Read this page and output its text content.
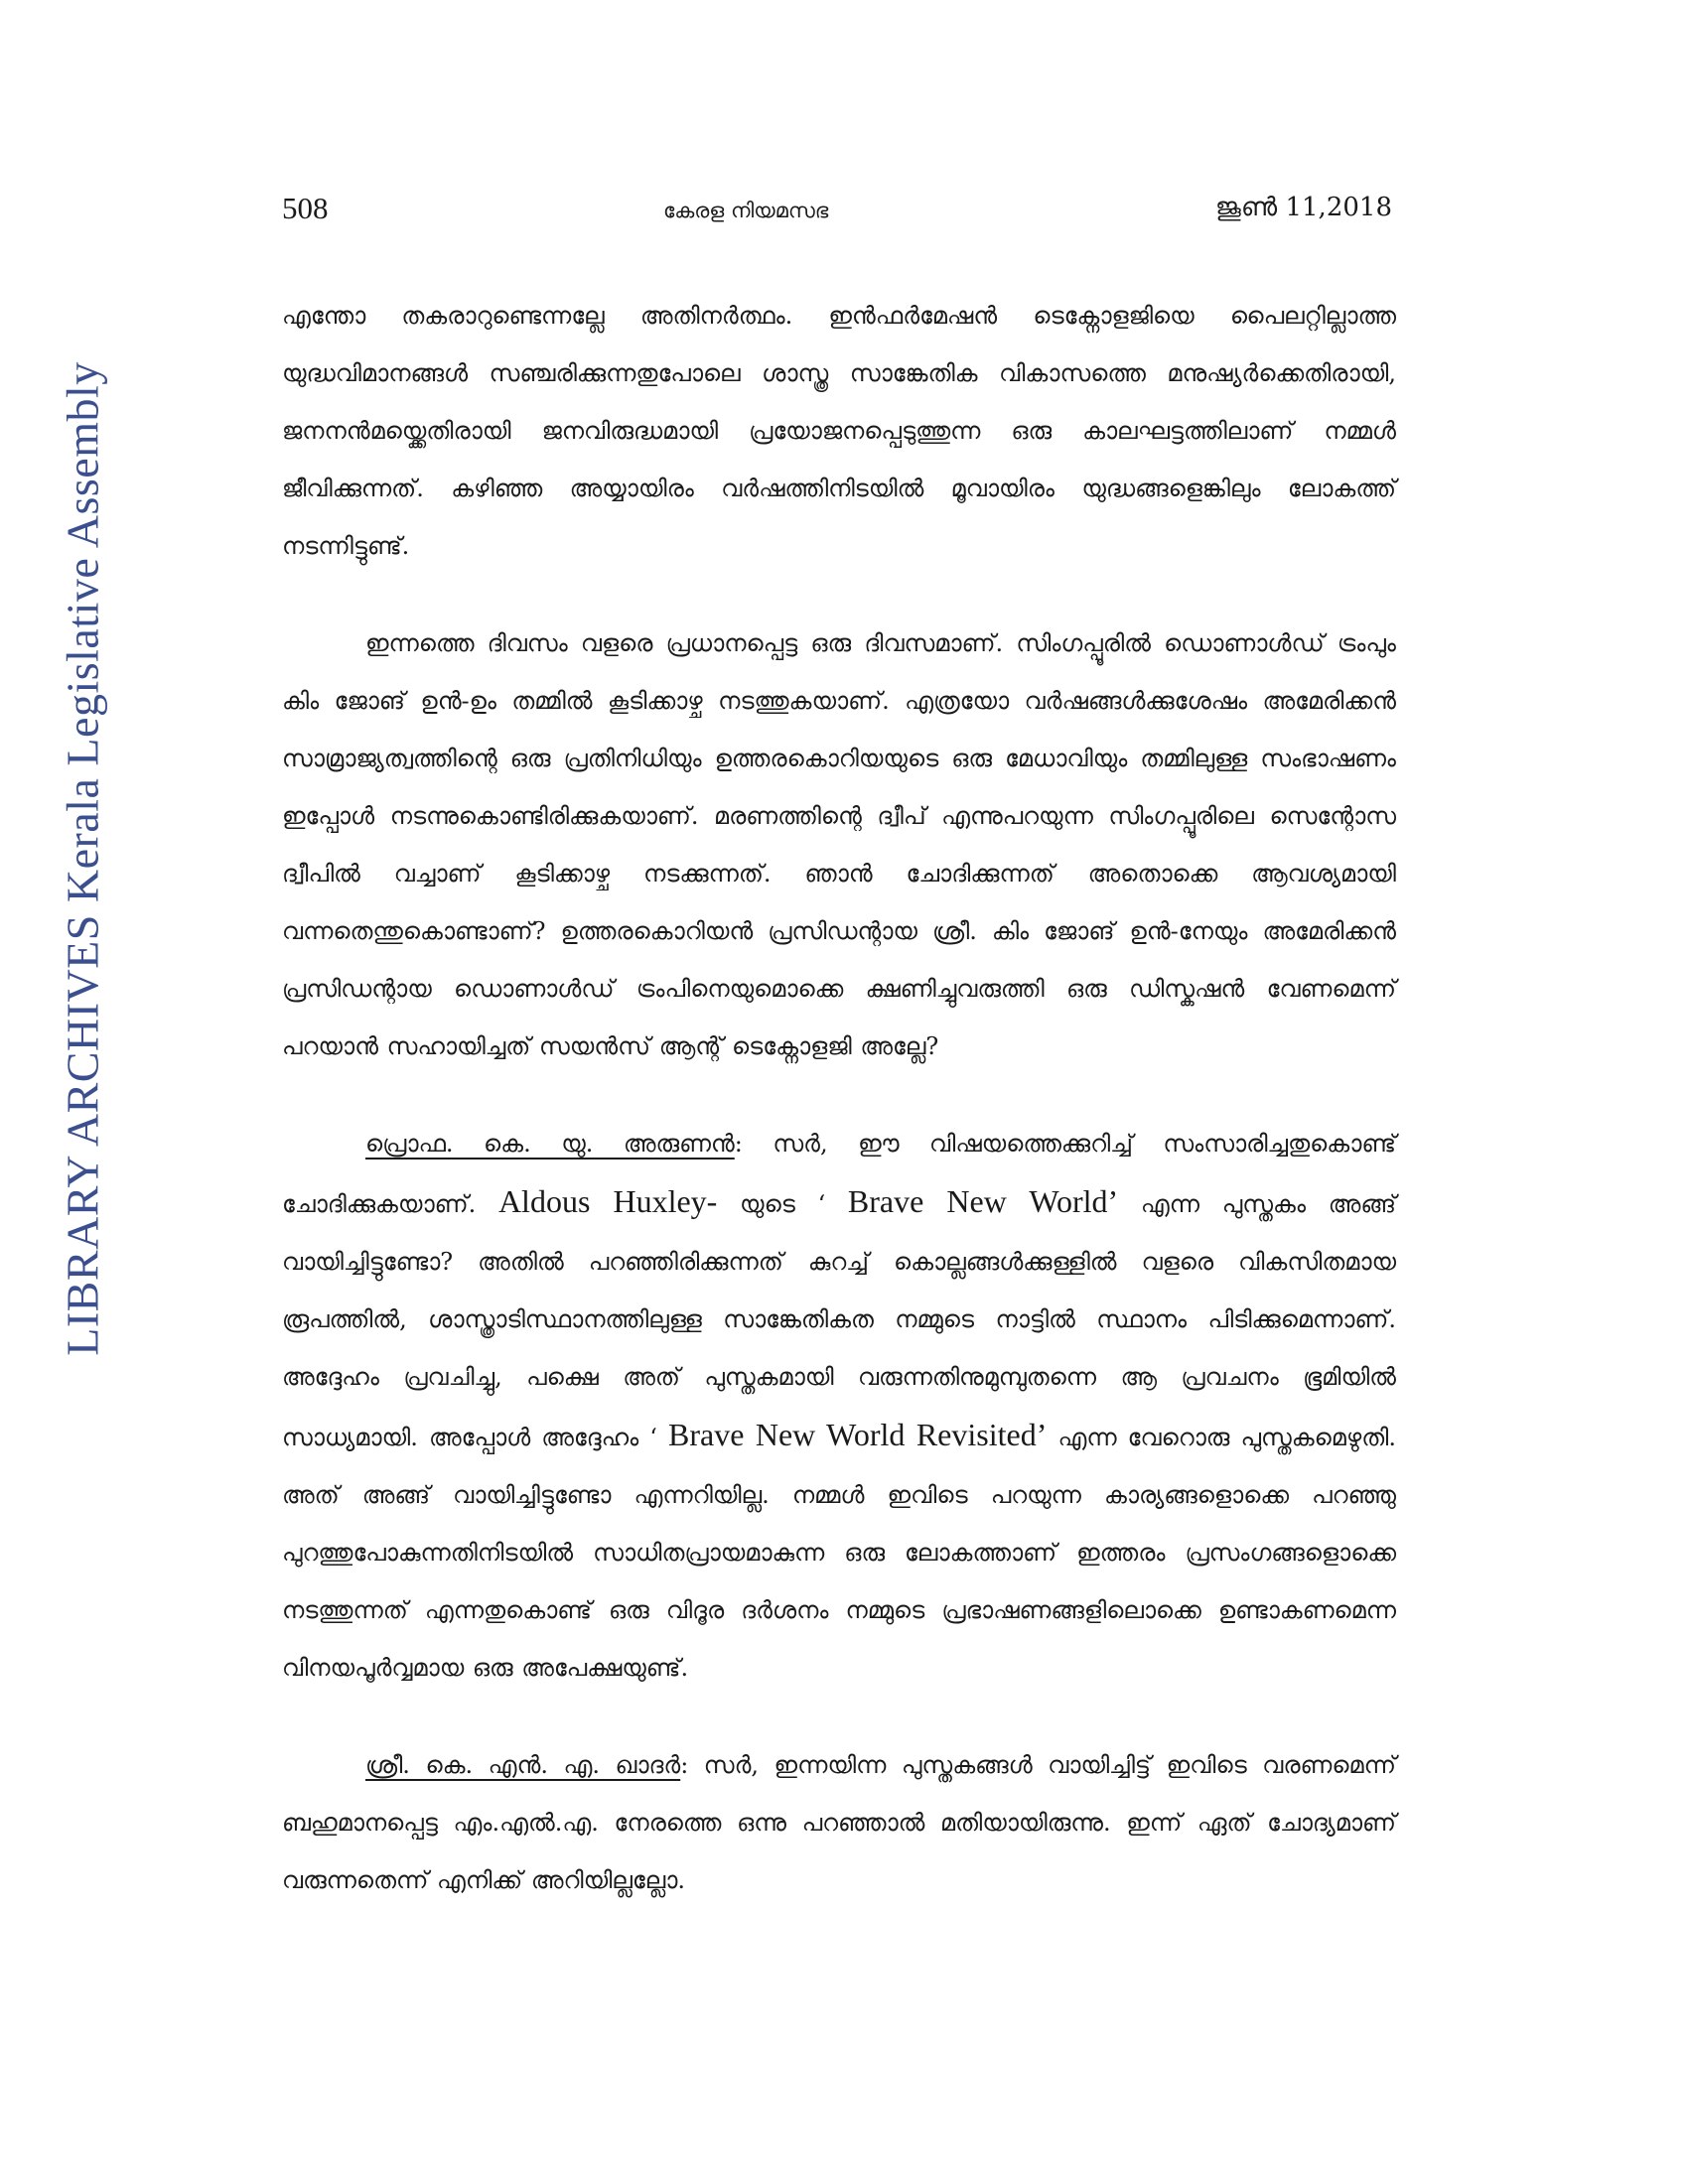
LIBRARY ARCHIVES Kerala Legislative Assembly
508	കേരള നിയമസഭ	ജൂൺ 11,2018

എന്തോ തകരാറുണ്ടെന്നല്ലേ അതിനർത്ഥം. ഇൻഫർമേഷൻ ടെക്നോളജിയെ പൈലറ്റില്ലാത്ത യുദ്ധവിമാനങ്ങൾ സഞ്ചരിക്കുന്നതുപോലെ ശാസ്ത്ര സാങ്കേതിക വികാസത്തെ മനുഷ്യർക്കെതിരായി, ജനനൻമയ്ക്കെതിരായി ജനവിരുദ്ധമായി പ്രയോജനപ്പെടുത്തുന്ന ഒരു കാലഘട്ടത്തിലാണ് നമ്മൾ ജീവിക്കുന്നത്. കഴിഞ്ഞ അയ്യായിരം വർഷത്തിനിടയിൽ മൂവായിരം യുദ്ധങ്ങളെങ്കിലും ലോകത്ത് നടന്നിട്ടുണ്ട്.

ഇന്നത്തെ ദിവസം വളരെ പ്രധാനപ്പെട്ട ഒരു ദിവസമാണ്. സിംഗപ്പൂരിൽ ഡൊണാൾഡ് ട്രംപും കിം ജോങ് ഉൻ-ഉം തമ്മിൽ കൂടിക്കാഴ്ച നടത്തുകയാണ്. എത്രയോ വർഷങ്ങൾക്കുശേഷം അമേരിക്കൻ സാമ്രാജ്യത്വത്തിന്റെ ഒരു പ്രതിനിധിയും ഉത്തരകൊറിയയുടെ ഒരു മേധാവിയും തമ്മിലുള്ള സംഭാഷണം ഇപ്പോൾ നടന്നുകൊണ്ടിരിക്കുകയാണ്. മരണത്തിന്റെ ദ്വീപ് എന്നുപറയുന്ന സിംഗപ്പൂരിലെ സെന്റോസ ദ്വീപിൽ വച്ചാണ് കൂടിക്കാഴ്ച നടക്കുന്നത്. ഞാൻ ചോദിക്കുന്നത് അതൊക്കെ ആവശ്യമായി വന്നതെന്തുകൊണ്ടാണ്? ഉത്തരകൊറിയൻ പ്രസിഡന്റായ ശ്രീ. കിം ജോങ് ഉൻ-നേയും അമേരിക്കൻ പ്രസിഡന്റായ ഡൊണാൾഡ് ട്രംപിനെയുമൊക്കെ ക്ഷണിച്ചുവരുത്തി ഒരു ഡിസ്കഷൻ വേണമെന്ന് പറയാൻ സഹായിച്ചത് സയൻസ് ആന്റ് ടെക്നോളജി അല്ലേ?

പ്രൊഫ. കെ. യു. അരുണൻ: സർ, ഈ വിഷയത്തെക്കുറിച്ച് സംസാരിച്ചതുകൊണ്ട് ചോദിക്കുകയാണ്. Aldous Huxley- യുടെ ‘ Brave New World’ എന്ന പുസ്തകം അങ്ങ് വായിച്ചിട്ടുണ്ടോ? അതിൽ പറഞ്ഞിരിക്കുന്നത് കുറച്ച് കൊല്ലങ്ങൾക്കുള്ളിൽ വളരെ വികസിതമായ രൂപത്തിൽ, ശാസ്ത്രാടിസ്ഥാനത്തിലുള്ള സാങ്കേതികത നമ്മുടെ നാട്ടിൽ സ്ഥാനം പിടിക്കുമെന്നാണ്. അദ്ദേഹം പ്രവചിച്ചു, പക്ഷെ അത് പുസ്തകമായി വരുന്നതിനുമുമ്പുതന്നെ ആ പ്രവചനം ഭൂമിയിൽ സാധ്യമായി. അപ്പോൾ അദ്ദേഹം ‘ Brave New World Revisited’ എന്ന വേറൊരു പുസ്തകമെഴുതി. അത് അങ്ങ് വായിച്ചിട്ടുണ്ടോ എന്നറിയില്ല. നമ്മൾ ഇവിടെ പറയുന്ന കാര്യങ്ങളൊക്കെ പറഞ്ഞു പുറത്തുപോകുന്നതിനിടയിൽ സാധിതപ്രായമാകുന്ന ഒരു ലോകത്താണ് ഇത്തരം പ്രസംഗങ്ങളൊക്കെ നടത്തുന്നത് എന്നതുകൊണ്ട് ഒരു വിദൂര ദർശനം നമ്മുടെ പ്രഭാഷണങ്ങളിലൊക്കെ ഉണ്ടാകണമെന്ന വിനയപൂർവ്വമായ ഒരു അപേക്ഷയുണ്ട്.

ശ്രീ. കെ. എൻ. എ. ഖാദർ: സർ, ഇന്നയിന്ന പുസ്തകങ്ങൾ വായിച്ചിട്ട് ഇവിടെ വരണമെന്ന് ബഹുമാനപ്പെട്ട എം.എൽ.എ. നേരത്തെ ഒന്നു പറഞ്ഞാൽ മതിയായിരുന്നു. ഇന്ന് ഏത് ചോദ്യമാണ് വരുന്നതെന്ന് എനിക്ക് അറിയില്ലല്ലോ.
